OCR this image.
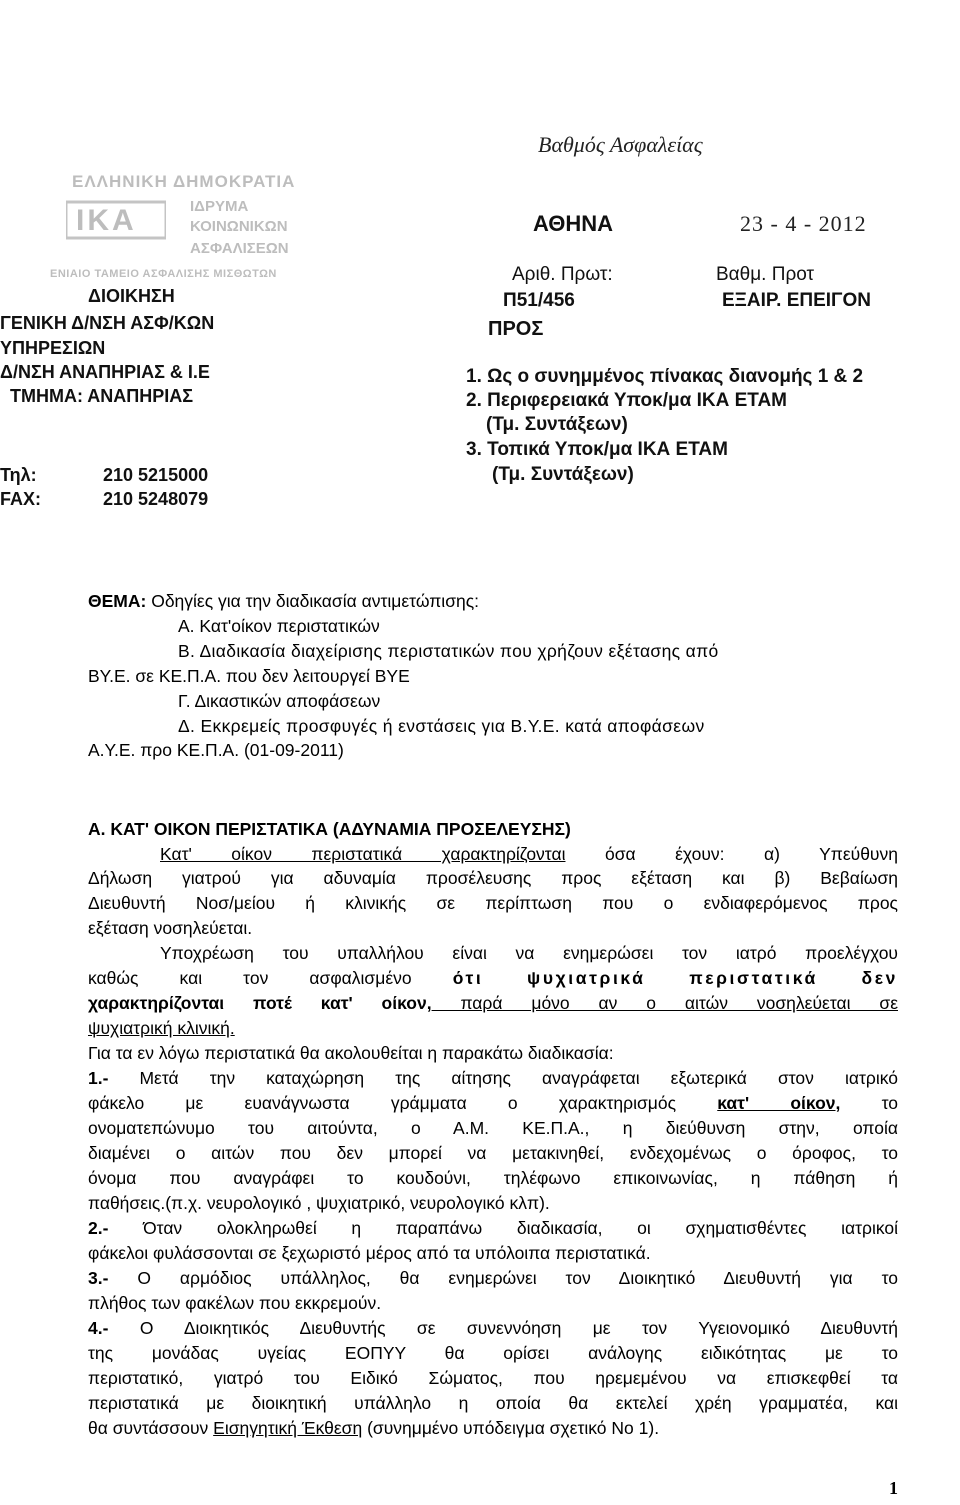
ΕΛΛΗΝΙΚΗ ΔΗΜΟΚΡΑΤΙΑ
ΙΔΡΥΜΑ
ΚΟΙΝΩΝΙΚΩΝ
ΑΣΦΑΛΙΣΕΩΝ
ΙΚΑ
ΕΝΙΑΙΟ ΤΑΜΕΙΟ ΑΣΦΑΛΙΣΗΣ ΜΙΣΘΩΤΩΝ
ΔΙΟΙΚΗΣΗ
ΓΕΝΙΚΗ Δ/ΝΣΗ ΑΣΦ/ΚΩΝ
ΥΠΗΡΕΣΙΩΝ
Δ/ΝΣΗ ΑΝΑΠΗΡΙΑΣ & Ι.Ε
ΤΜΗΜΑ: ΑΝΑΠΗΡΙΑΣ
Τηλ:	210 5215000
FAX:	210 5248079
Βαθμός Ασφαλείας
ΑΘΗΝΑ	23 - 4 - 2012
Αριθ. Πρωτ:	Βαθμ. Προτ
Π51/456	ΕΞΑΙΡ. ΕΠΕΙΓΟΝ
ΠΡΟΣ
1. Ως ο συνημμένος πίνακας διανομής 1 & 2
2. Περιφερειακά Υποκ/μα ΙΚΑ ΕΤΑΜ
(Τμ. Συντάξεων)
3. Τοπικά Υποκ/μα ΙΚΑ ΕΤΑΜ
(Τμ. Συντάξεων)
ΘΕΜΑ: Οδηγίες για την διαδικασία αντιμετώπισης:
Α. Κατ'οίκον περιστατικών
Β. Διαδικασία διαχείρισης περιστατικών που χρήζουν εξέτασης από
ΒΥ.Ε. σε ΚΕ.Π.Α. που δεν λειτουργεί ΒΥΕ
Γ. Δικαστικών αποφάσεων
Δ. Εκκρεμείς προσφυγές ή ενστάσεις για Β.Υ.Ε. κατά αποφάσεων
Α.Υ.Ε. προ ΚΕ.Π.Α. (01-09-2011)
Α. ΚΑΤ' ΟΙΚΟΝ ΠΕΡΙΣΤΑΤΙΚΑ (ΑΔΥΝΑΜΙΑ ΠΡΟΣΕΛΕΥΣΗΣ)
Κατ' οίκον περιστατικά χαρακτηρίζονται όσα έχουν: α) Υπεύθυνη
Δήλωση γιατρού για αδυναμία προσέλευσης προς εξέταση και β) Βεβαίωση
Διευθυντή Νοσ/μείου ή κλινικής σε περίπτωση που ο ενδιαφερόμενος προς
εξέταση νοσηλεύεται.
Υποχρέωση του υπαλλήλου είναι να ενημερώσει τον ιατρό προελέγχου
καθώς και τον ασφαλισμένο ότι ψυχιατρικά περιστατικά δεν
χαρακτηρίζονται ποτέ κατ' οίκον, παρά μόνο αν ο αιτών νοσηλεύεται σε
ψυχιατρική κλινική.
Για τα εν λόγω περιστατικά θα ακολουθείται η παρακάτω διαδικασία:
1.- Μετά την καταχώρηση της αίτησης αναγράφεται εξωτερικά στον ιατρικό
φάκελο με ευανάγνωστα γράμματα ο χαρακτηρισμός κατ' οίκον, το
ονοματεπώνυμο του αιτούντα, ο Α.Μ. ΚΕ.Π.Α., η διεύθυνση στην, οποία
διαμένει ο αιτών που δεν μπορεί να μετακινηθεί, ενδεχομένως ο όροφος, το
όνομα που αναγράφει το κουδούνι, τηλέφωνο επικοινωνίας, η πάθηση ή
παθήσεις.(π.χ. νευρολογικό , ψυχιατρικό, νευρολογικό κλπ).
2.- Όταν ολοκληρωθεί η παραπάνω διαδικασία, οι σχηματισθέντες ιατρικοί
φάκελοι φυλάσσονται σε ξεχωριστό μέρος από τα υπόλοιπα περιστατικά.
3.- Ο αρμόδιος υπάλληλος, θα ενημερώνει τον Διοικητικό Διευθυντή για το
πλήθος των φακέλων που εκκρεμούν.
4.- Ο Διοικητικός Διευθυντής σε συνεννόηση με τον Υγειονομικό Διευθυντή
της μονάδας υγείας ΕΟΠΥΥ θα ορίσει ανάλογης ειδικότητας με το
περιστατικό, γιατρό του Ειδικό Σώματος, που ηρεμεμένου να επισκεφθεί τα
περιστατικά με διοικητική υπάλληλο η οποία θα εκτελεί χρέη γραμματέα, και
θα συντάσσουν Εισηγητική Έκθεση (συνημμένο υπόδειγμα σχετικό Νο 1).
1
